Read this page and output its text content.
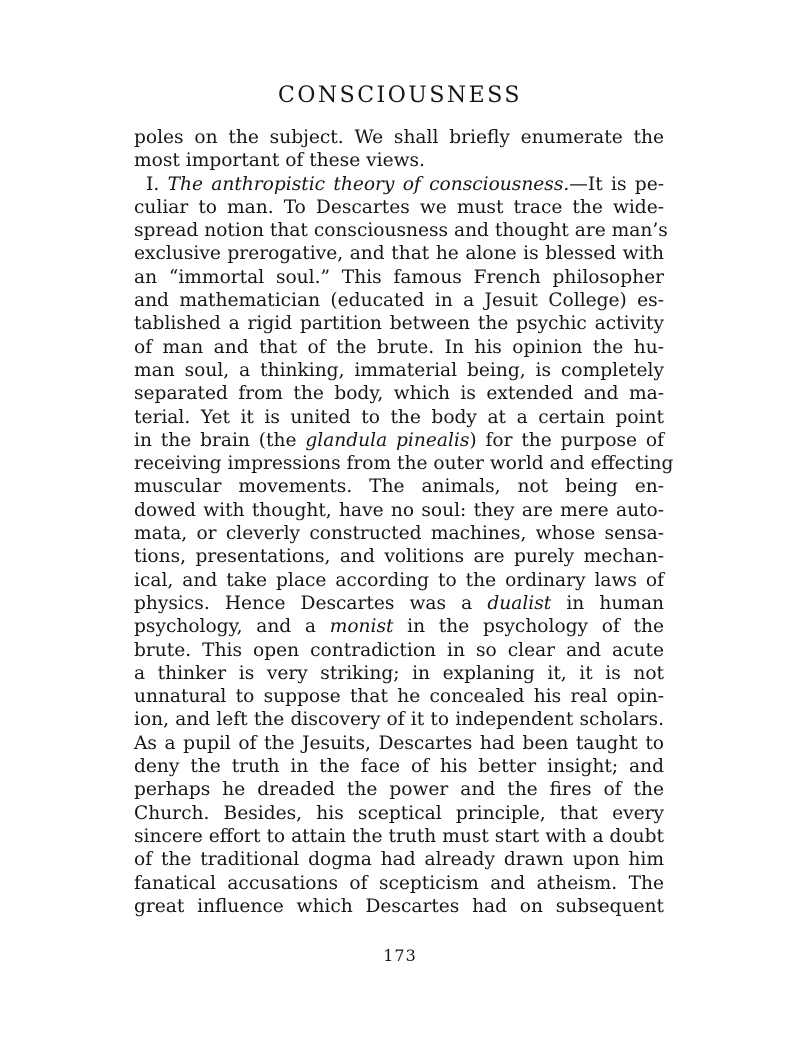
CONSCIOUSNESS
poles on the subject. We shall briefly enumerate the
most important of these views.
I. The anthropistic theory of consciousness.—It is pe-
culiar to man. To Descartes we must trace the wide-
spread notion that consciousness and thought are man’s
exclusive prerogative, and that he alone is blessed with
an “immortal soul.” This famous French philosopher
and mathematician (educated in a Jesuit College) es-
tablished a rigid partition between the psychic activity
of man and that of the brute. In his opinion the hu-
man soul, a thinking, immaterial being, is completely
separated from the body, which is extended and ma-
terial. Yet it is united to the body at a certain point
in the brain (the glandula pinealis) for the purpose of
receiving impressions from the outer world and effecting
muscular movements. The animals, not being en-
dowed with thought, have no soul: they are mere auto-
mata, or cleverly constructed machines, whose sensa-
tions, presentations, and volitions are purely mechan-
ical, and take place according to the ordinary laws of
physics. Hence Descartes was a dualist in human
psychology, and a monist in the psychology of the
brute. This open contradiction in so clear and acute
a thinker is very striking; in explaning it, it is not
unnatural to suppose that he concealed his real opin-
ion, and left the discovery of it to independent scholars.
As a pupil of the Jesuits, Descartes had been taught to
deny the truth in the face of his better insight; and
perhaps he dreaded the power and the fires of the
Church. Besides, his sceptical principle, that every
sincere effort to attain the truth must start with a doubt
of the traditional dogma had already drawn upon him
fanatical accusations of scepticism and atheism. The
great influence which Descartes had on subsequent
173
